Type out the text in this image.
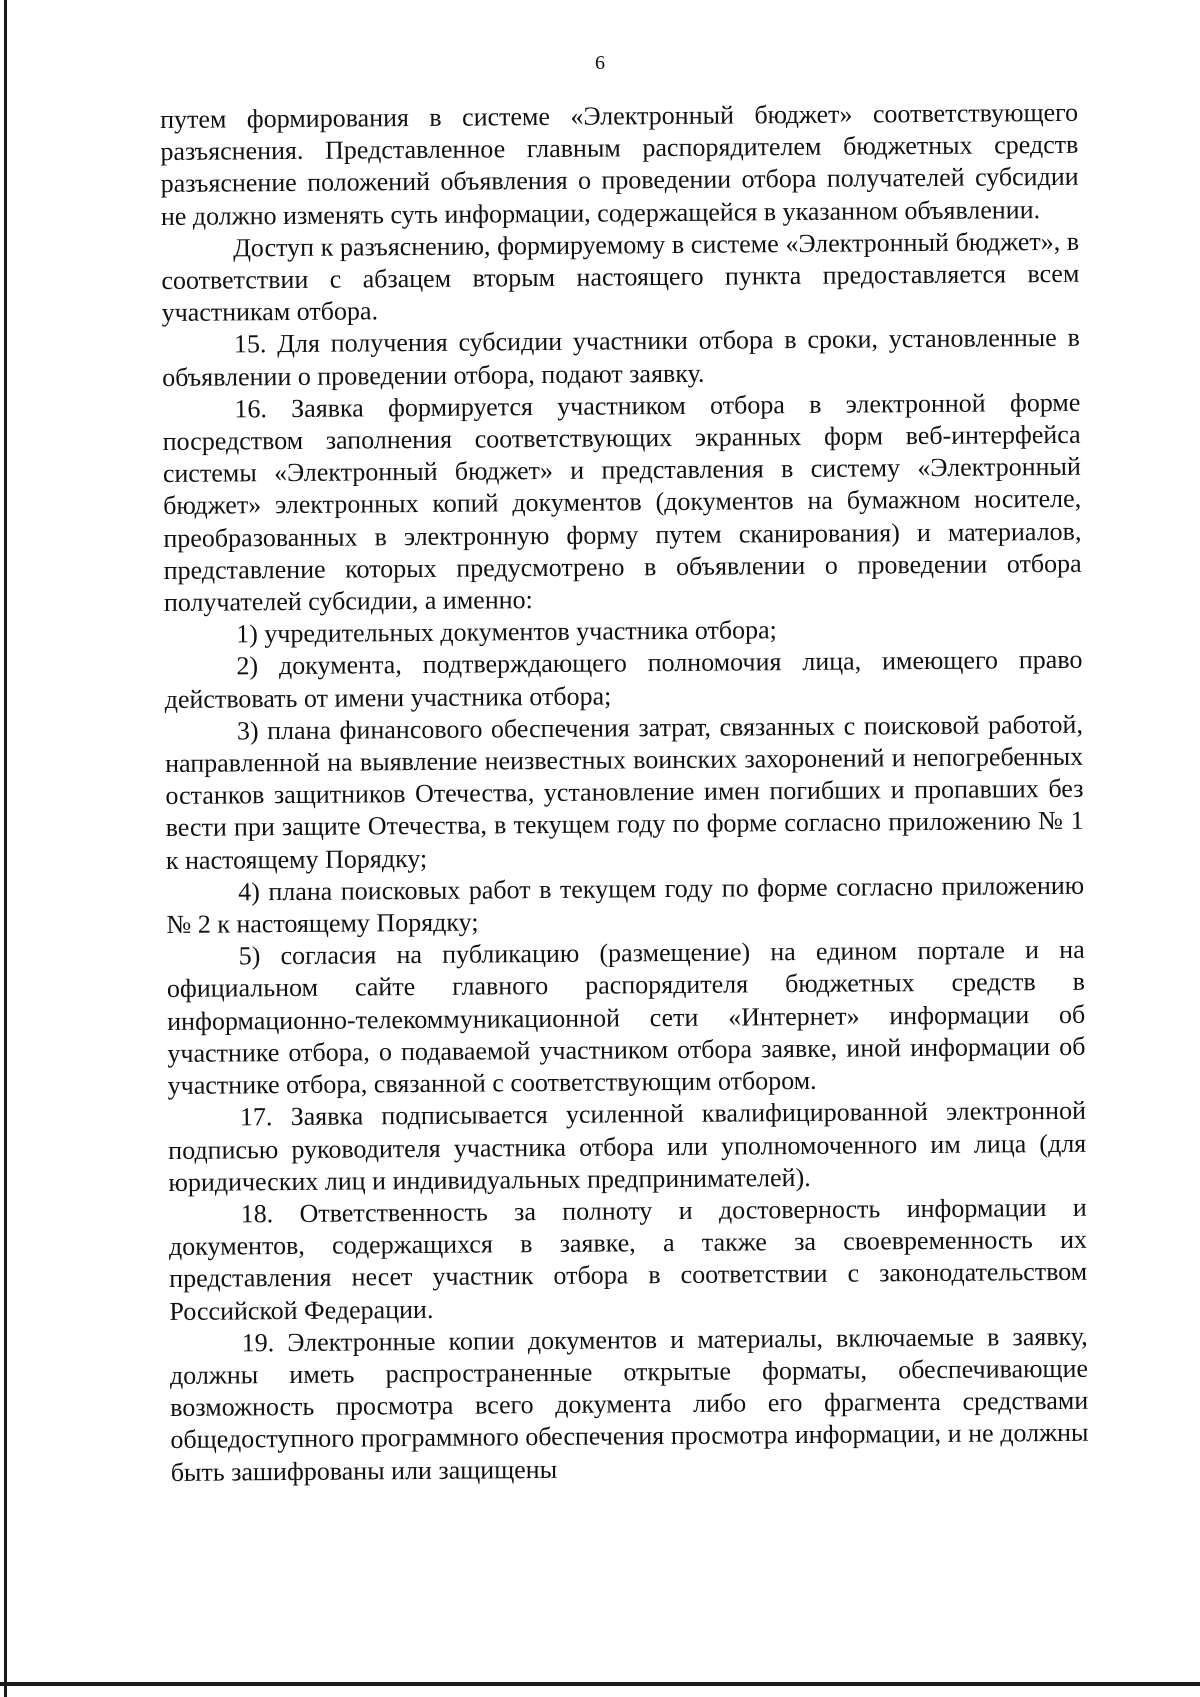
6

путем формирования в системе «Электронный бюджет» соответствующего разъяснения. Представленное главным распорядителем бюджетных средств разъяснение положений объявления о проведении отбора получателей субсидии не должно изменять суть информации, содержащейся в указанном объявлении.

Доступ к разъяснению, формируемому в системе «Электронный бюджет», в соответствии с абзацем вторым настоящего пункта предоставляется всем участникам отбора.

15. Для получения субсидии участники отбора в сроки, установленные в объявлении о проведении отбора, подают заявку.

16. Заявка формируется участником отбора в электронной форме посредством заполнения соответствующих экранных форм веб-интерфейса системы «Электронный бюджет» и представления в систему «Электронный бюджет» электронных копий документов (документов на бумажном носителе, преобразованных в электронную форму путем сканирования) и материалов, представление которых предусмотрено в объявлении о проведении отбора получателей субсидии, а именно:

1) учредительных документов участника отбора;

2) документа, подтверждающего полномочия лица, имеющего право действовать от имени участника отбора;

3) плана финансового обеспечения затрат, связанных с поисковой работой, направленной на выявление неизвестных воинских захоронений и непогребенных останков защитников Отечества, установление имен погибших и пропавших без вести при защите Отечества, в текущем году по форме согласно приложению № 1 к настоящему Порядку;

4) плана поисковых работ в текущем году по форме согласно приложению № 2 к настоящему Порядку;

5) согласия на публикацию (размещение) на едином портале и на официальном сайте главного распорядителя бюджетных средств в информационно-телекоммуникационной сети «Интернет» информации об участнике отбора, о подаваемой участником отбора заявке, иной информации об участнике отбора, связанной с соответствующим отбором.

17. Заявка подписывается усиленной квалифицированной электронной подписью руководителя участника отбора или уполномоченного им лица (для юридических лиц и индивидуальных предпринимателей).

18. Ответственность за полноту и достоверность информации и документов, содержащихся в заявке, а также за своевременность их представления несет участник отбора в соответствии с законодательством Российской Федерации.

19. Электронные копии документов и материалы, включаемые в заявку, должны иметь распространенные открытые форматы, обеспечивающие возможность просмотра всего документа либо его фрагмента средствами общедоступного программного обеспечения просмотра информации, и не должны быть зашифрованы или защищены
